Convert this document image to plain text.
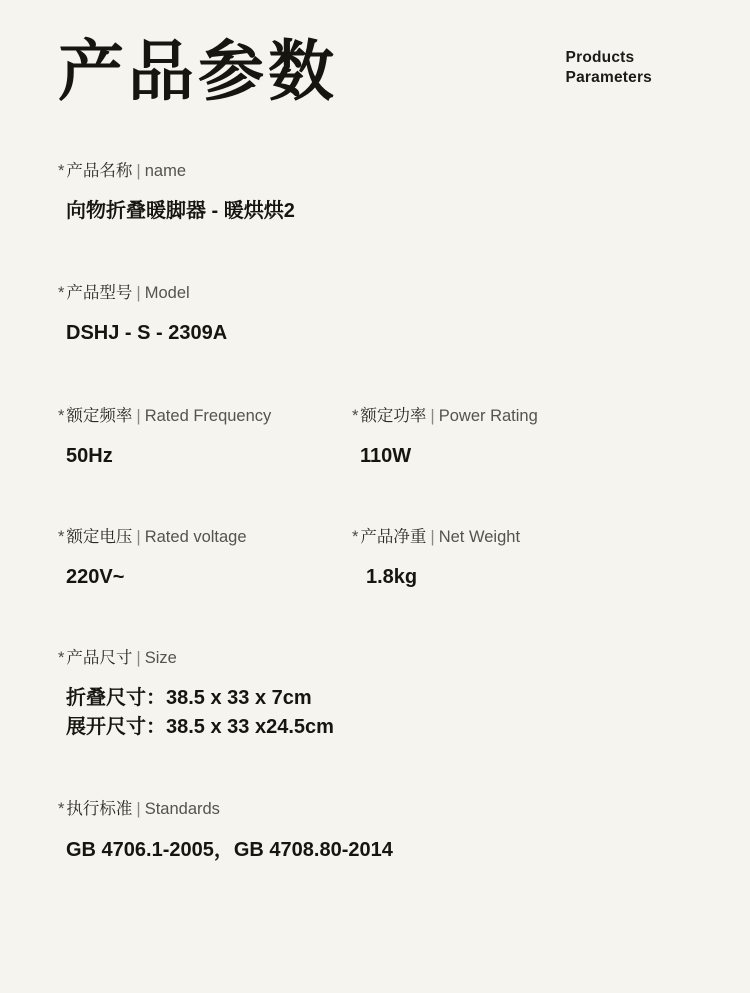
产品参数	Products
Parameters
* 产品名称 | name
向物折叠暖脚器 - 暖烘烘2
* 产品型号 | Model
DSHJ - S - 2309A
* 额定频率 | Rated Frequency
50Hz
* 额定功率 | Power Rating
110W
* 额定电压 | Rated voltage
220V~
* 产品净重 | Net Weight
1.8kg
* 产品尺寸 | Size
折叠尺寸：38.5 x 33 x 7cm
展开尺寸：38.5 x 33 x24.5cm
* 执行标准 | Standards
GB 4706.1-2005，GB 4708.80-2014
